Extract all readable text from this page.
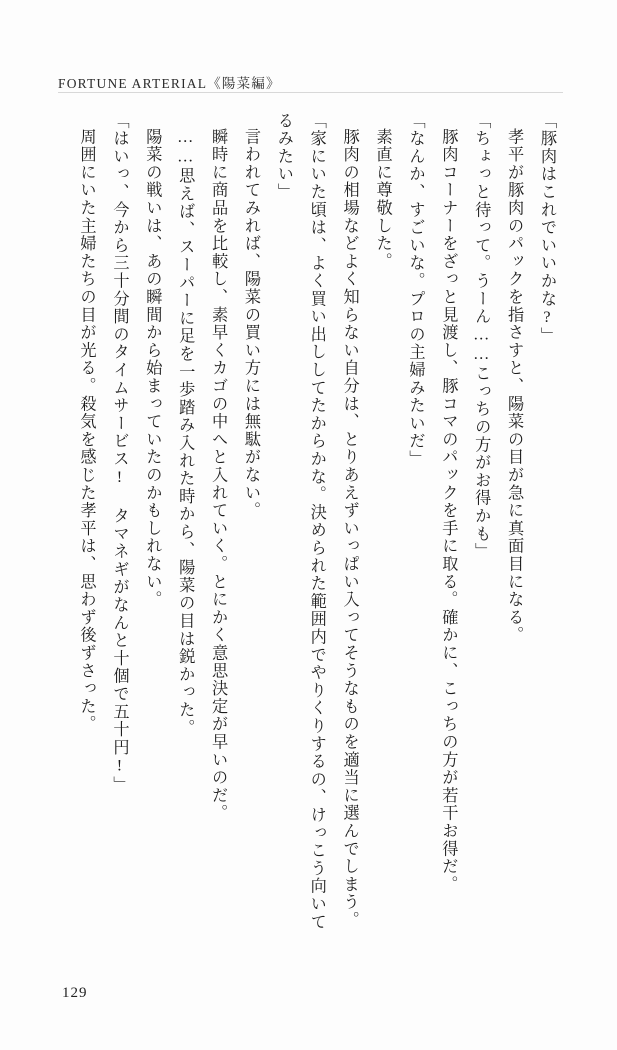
FORTUNE ARTERIAL《陽菜編》

「豚肉はこれでいいかな?」

孝平が豚肉のパックを指さすと、陽菜の目が急に真面目になる。

「ちょっと待って。うーん……こっちの方がお得かも」

豚肉コーナーをざっと見渡し、豚コマのパックを手に取る。確かに、こっちの方が若干お得だ。

「なんか、すごいな。プロの主婦みたいだ」

素直に尊敬した。

豚肉の相場などよく知らない自分は、とりあえずいっぱい入ってそうなものを適当に選んでしまう。

「家にいた頃は、よく買い出ししてたからかな。決められた範囲内でやりくりするの、けっこう向いてるみたい」

言われてみれば、陽菜の買い方には無駄がない。

瞬時に商品を比較し、素早くカゴの中へと入れていく。とにかく意思決定が早いのだ。

……思えば、スーパーに足を一歩踏み入れた時から、陽菜の目は鋭かった。

陽菜の戦いは、あの瞬間から始まっていたのかもしれない。

「はいっ、今から三十分間のタイムサービス! タマネギがなんと十個で五十円!」

周囲にいた主婦たちの目が光る。殺気を感じた孝平は、思わず後ずさった。

129
